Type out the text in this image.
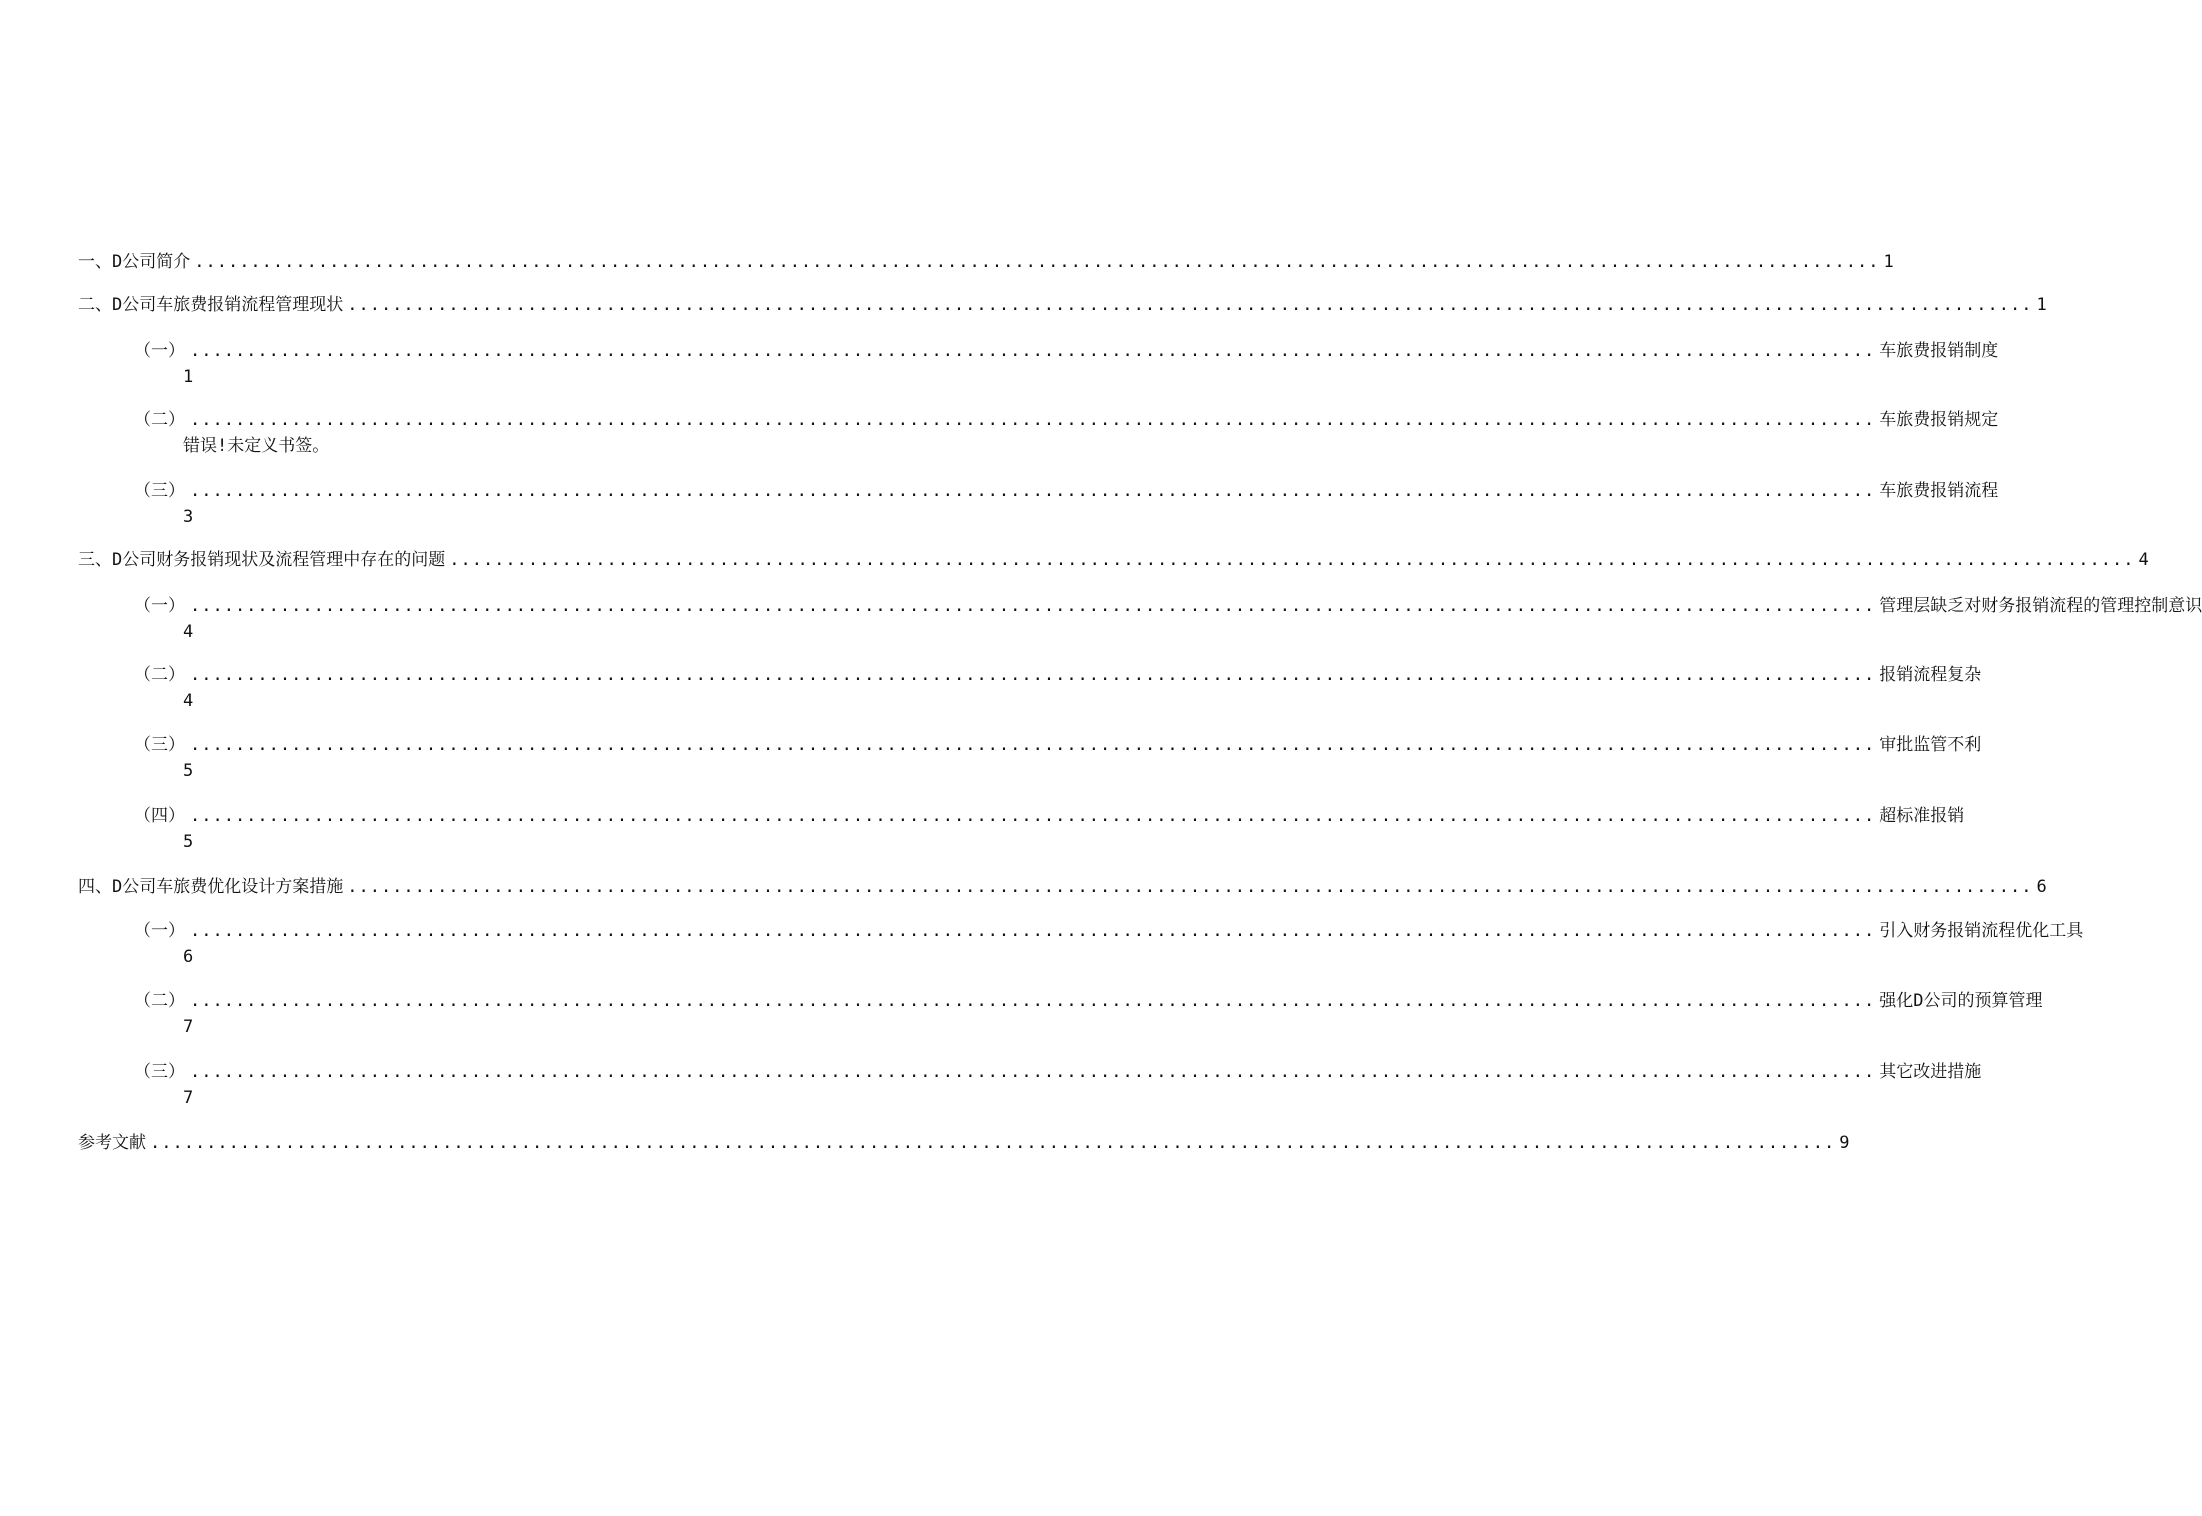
一、 D公司简介 ...................................................................................................................................................... 1
二、 D公司车旅费报销流程管理现状 ...................................................................................................................................................... 1
（一） ...................................................................................................................................................... 车旅费报销制度
1
（二） ...................................................................................................................................................... 车旅费报销规定
错误!未定义书签。
（三） ...................................................................................................................................................... 车旅费报销流程
3
三、 D公司财务报销现状及流程管理中存在的问题 ...................................................................................................................................................... 4
（一） ...................................................................................................................................................... 管理层缺乏对财务报销流程的管理控制意识
4
（二） ...................................................................................................................................................... 报销流程复杂
4
（三） ...................................................................................................................................................... 审批监管不利
5
（四） ...................................................................................................................................................... 超标准报销
5
四、 D公司车旅费优化设计方案措施 ...................................................................................................................................................... 6
（一） ...................................................................................................................................................... 引入财务报销流程优化工具
6
（二） ...................................................................................................................................................... 强化D公司的预算管理
7
（三） ...................................................................................................................................................... 其它改进措施
7
参考文献 ...................................................................................................................................................... 9
